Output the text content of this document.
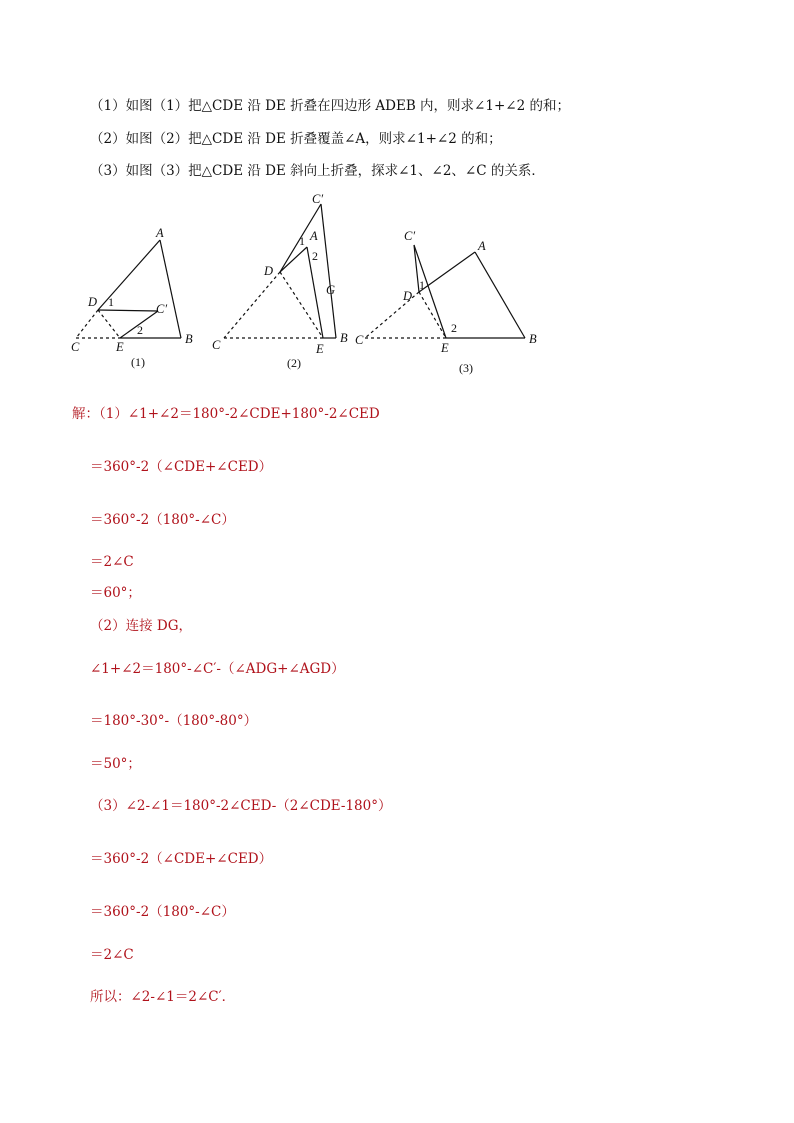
（1）如图（1）把△CDE 沿 DE 折叠在四边形 ADEB 内，则求∠1+∠2 的和；
（2）如图（2）把△CDE 沿 DE 折叠覆盖∠A，则求∠1+∠2 的和；
（3）如图（3）把△CDE 沿 DE 斜向上折叠，探求∠1、∠2、∠C 的关系．
A
B
C
D
E
C′
1
2
(1)
C′
A
D
G
B
C	E
1
2
(2)
C′
A
D
B
C
E
1
2
(3)
解：（1）∠1+∠2＝180°-2∠CDE+180°-2∠CED
＝360°-2（∠CDE+∠CED）
＝360°-2（180°-∠C）
＝2∠C
＝60°；
（2）连接 DG，
∠1+∠2＝180°-∠C′-（∠ADG+∠AGD）
＝180°-30°-（180°-80°）
＝50°；
（3）∠2-∠1＝180°-2∠CED-（2∠CDE-180°）
＝360°-2（∠CDE+∠CED）
＝360°-2（180°-∠C）
＝2∠C
所以：∠2-∠1＝2∠C′．
